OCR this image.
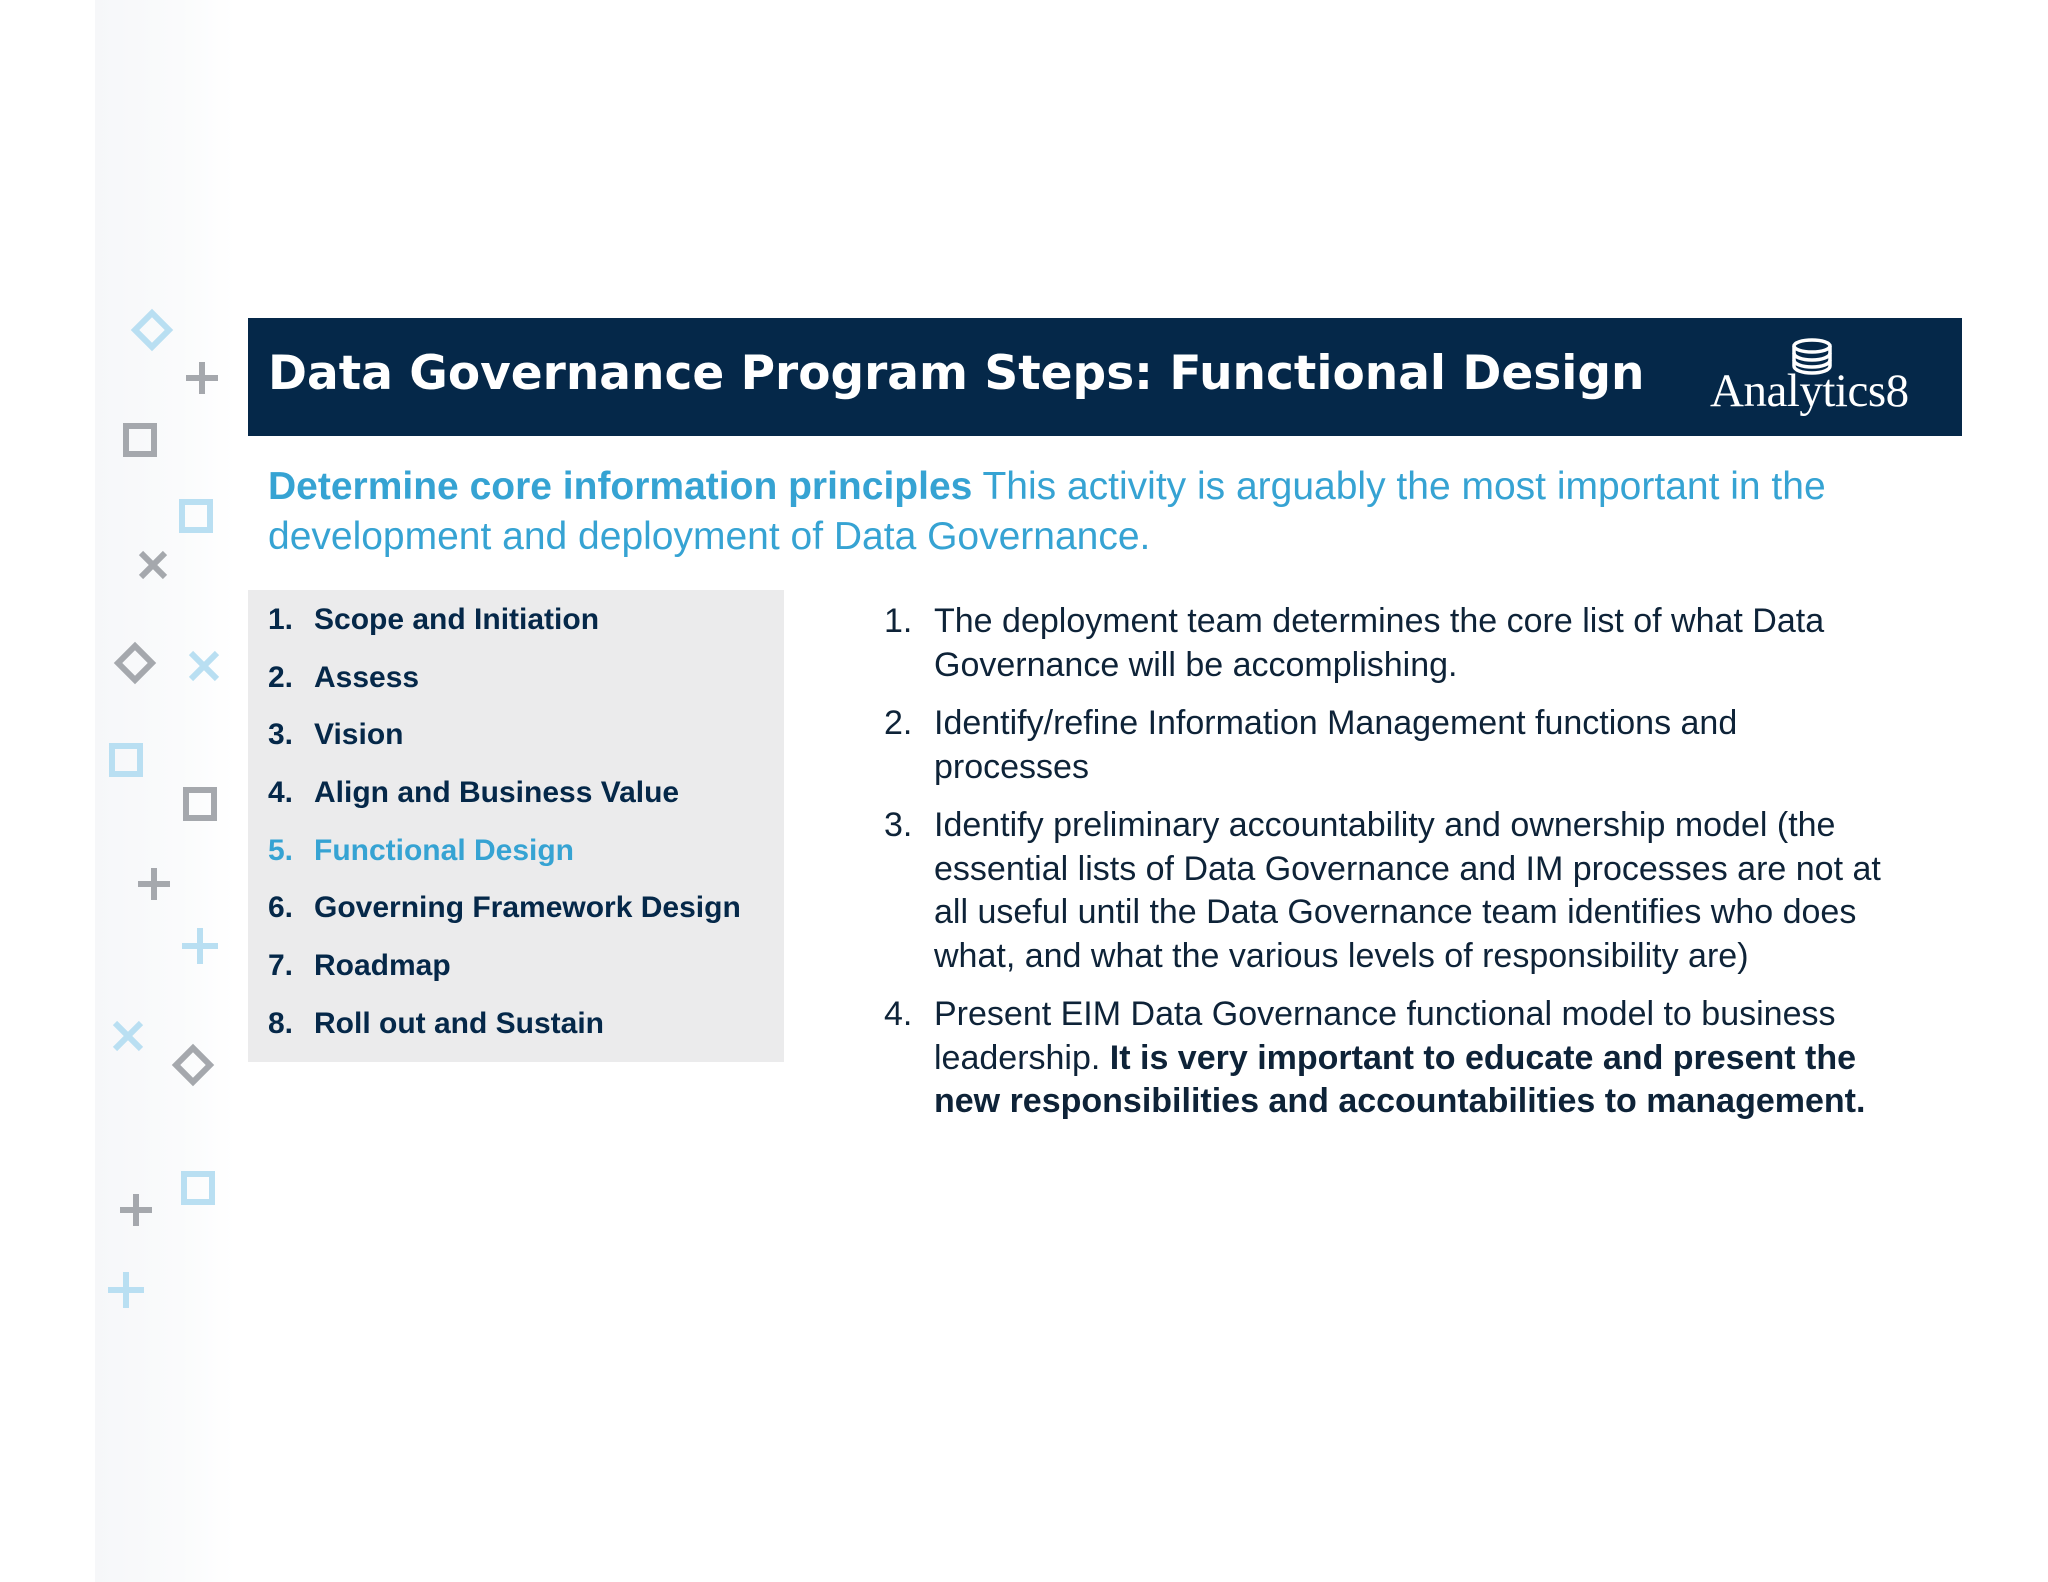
Data Governance Program Steps: Functional Design Analytics8

Determine core information principles This activity is arguably the most important in the development and deployment of Data Governance.

1. Scope and Initiation
2. Assess
3. Vision
4. Align and Business Value
5. Functional Design
6. Governing Framework Design
7. Roadmap
8. Roll out and Sustain
1. The deployment team determines the core list of what Data Governance will be accomplishing.
2. Identify/refine Information Management functions and processes
3. Identify preliminary accountability and ownership model (the essential lists of Data Governance and IM processes are not at all useful until the Data Governance team identifies who does what, and what the various levels of responsibility are)
4. Present EIM Data Governance functional model to business leadership. It is very important to educate and present the new responsibilities and accountabilities to management.
